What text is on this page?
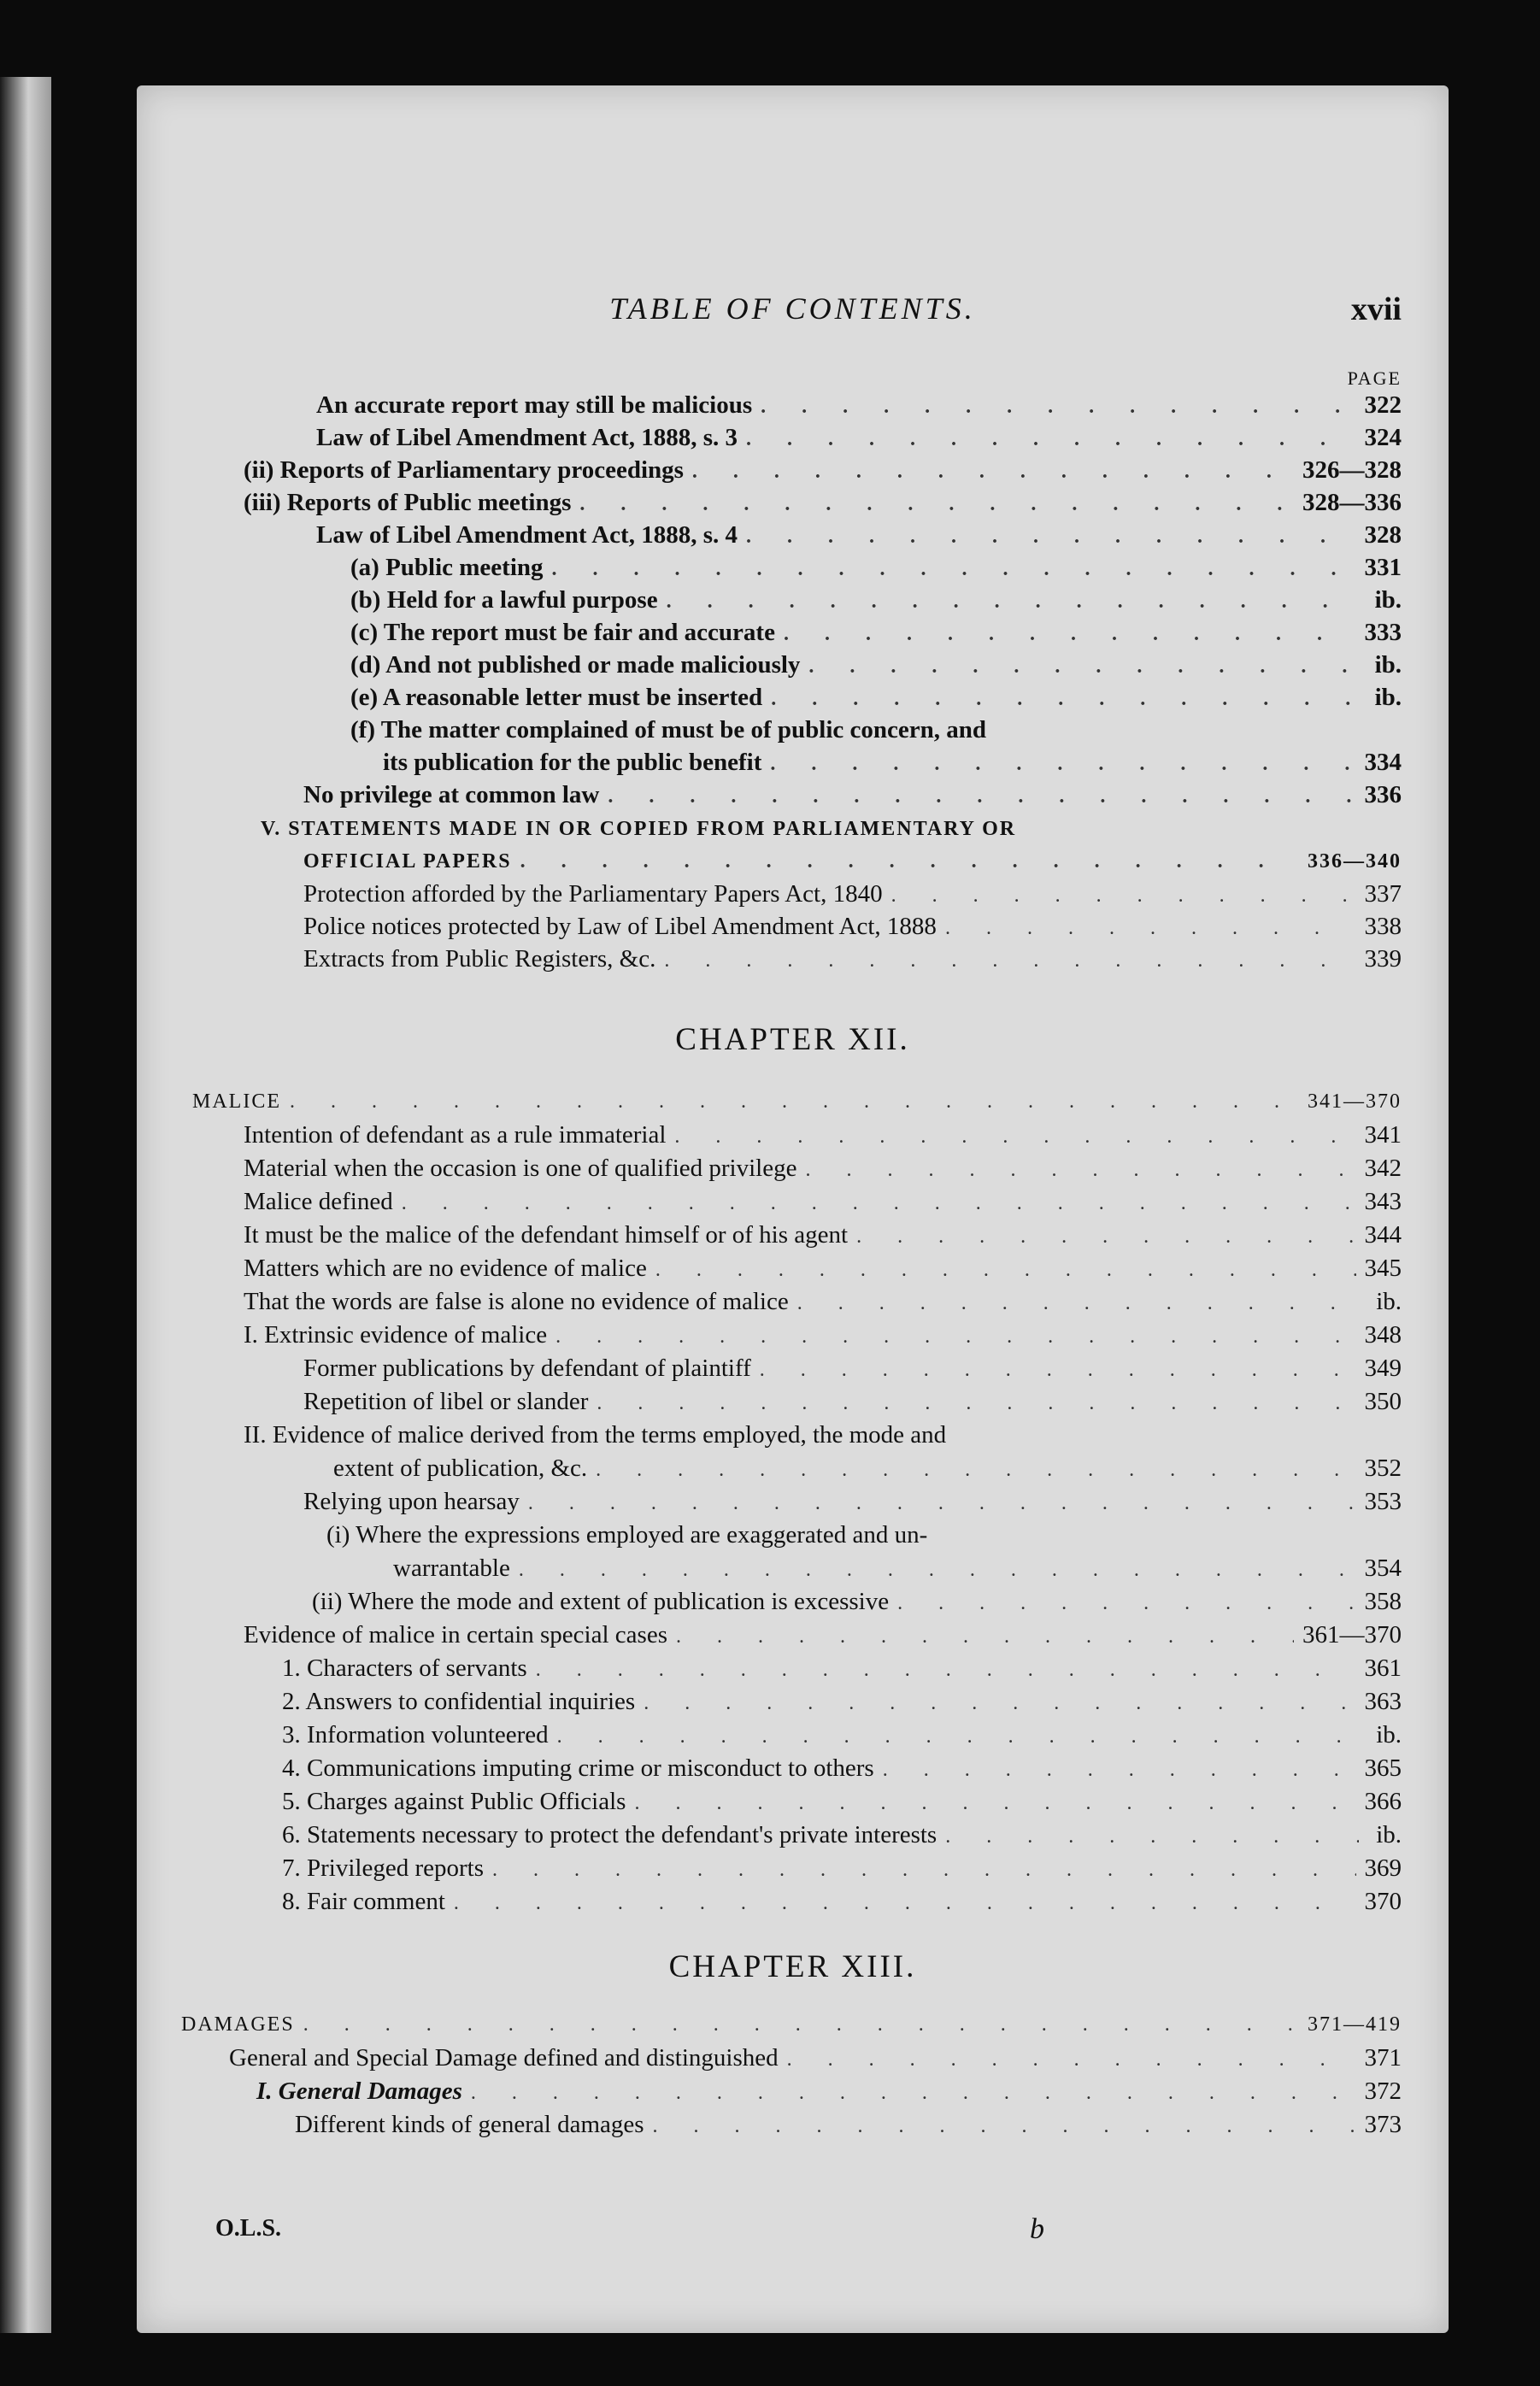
TABLE OF CONTENTS.	xvii
PAGE
An accurate report may still be malicious . . .	322
Law of Libel Amendment Act, 1888, s. 3 . . .	324
(ii) Reports of Parliamentary proceedings . . .	326—328
(iii) Reports of Public meetings . . .	328—336
Law of Libel Amendment Act, 1888, s. 4 . . .	328
(a) Public meeting . . .	331
(b) Held for a lawful purpose . . .	ib.
(c) The report must be fair and accurate . . .	333
(d) And not published or made maliciously . . .	ib.
(e) A reasonable letter must be inserted . . .	ib.
(f) The matter complained of must be of public concern, and
its publication for the public benefit . . .	334
No privilege at common law . . .	336
V. STATEMENTS MADE IN OR COPIED FROM PARLIAMENTARY OR
OFFICIAL PAPERS . . .	336—340
Protection afforded by the Parliamentary Papers Act, 1840 . . .	337
Police notices protected by Law of Libel Amendment Act, 1888 . . .	338
Extracts from Public Registers, &c. . . .	339
CHAPTER XII.
MALICE . . .	341—370
Intention of defendant as a rule immaterial . . .	341
Material when the occasion is one of qualified privilege . . .	342
Malice defined . . .	343
It must be the malice of the defendant himself or of his agent . . .	344
Matters which are no evidence of malice . . .	345
That the words are false is alone no evidence of malice . . .	ib.
I. Extrinsic evidence of malice . . .	348
Former publications by defendant of plaintiff . . .	349
Repetition of libel or slander . . .	350
II. Evidence of malice derived from the terms employed, the mode and
extent of publication, &c. . . .	352
Relying upon hearsay . . .	353
(i) Where the expressions employed are exaggerated and un-
warrantable . . .	354
(ii) Where the mode and extent of publication is excessive . . .	358
Evidence of malice in certain special cases . . .	361—370
1. Characters of servants . . .	361
2. Answers to confidential inquiries . . .	363
3. Information volunteered . . .	ib.
4. Communications imputing crime or misconduct to others . . .	365
5. Charges against Public Officials . . .	366
6. Statements necessary to protect the defendant's private interests . . .	ib.
7. Privileged reports . . .	369
8. Fair comment . . .	370
CHAPTER XIII.
DAMAGES . . .	371—419
General and Special Damage defined and distinguished . . .	371
I. General Damages . . .	372
Different kinds of general damages . . .	373
O.L.S.	b
